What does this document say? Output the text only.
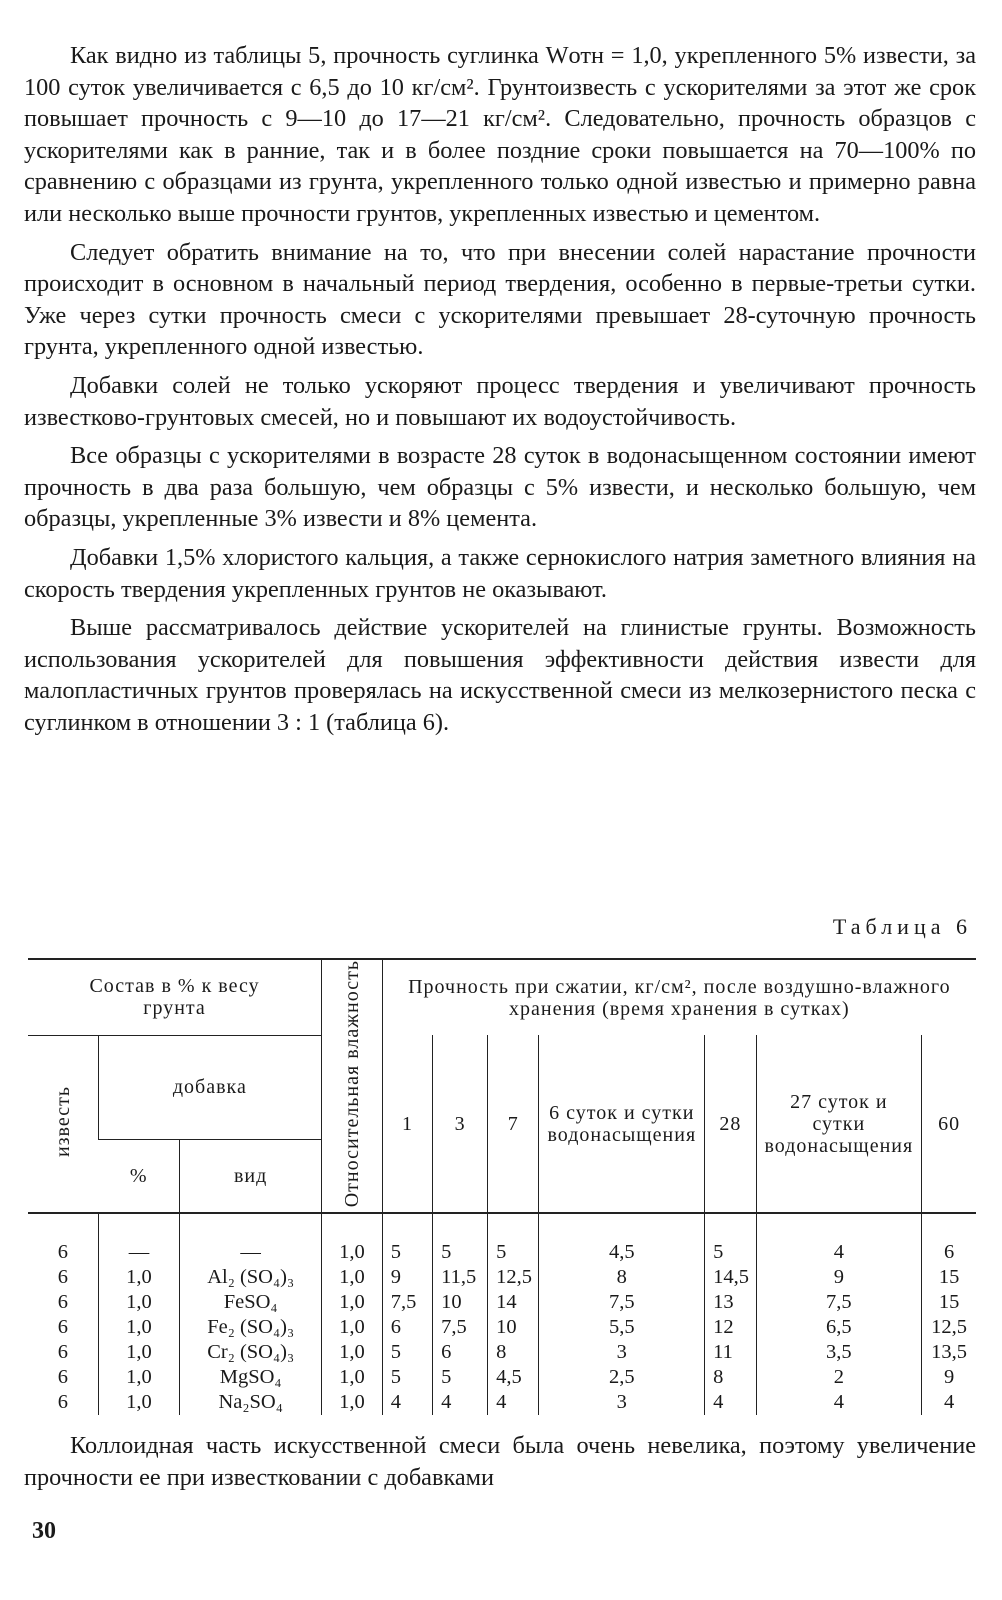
Как видно из таблицы 5, прочность суглинка Wотн = 1,0, укрепленного 5% извести, за 100 суток увеличивается с 6,5 до 10 кг/см². Грунтоизвесть с ускорителями за этот же срок повышает прочность с 9—10 до 17—21 кг/см². Следовательно, прочность образцов с ускорителями как в ранние, так и в более поздние сроки повышается на 70—100% по сравнению с образцами из грунта, укрепленного только одной известью и примерно равна или несколько выше прочности грунтов, укрепленных известью и цементом.

Следует обратить внимание на то, что при внесении солей нарастание прочности происходит в основном в начальный период твердения, особенно в первые-третьи сутки. Уже через сутки прочность смеси с ускорителями превышает 28-суточную прочность грунта, укрепленного одной известью.

Добавки солей не только ускоряют процесс твердения и увеличивают прочность известково-грунтовых смесей, но и повышают их водоустойчивость.

Все образцы с ускорителями в возрасте 28 суток в водонасыщенном состоянии имеют прочность в два раза большую, чем образцы с 5% извести, и несколько большую, чем образцы, укрепленные 3% извести и 8% цемента.

Добавки 1,5% хлористого кальция, а также сернокислого натрия заметного влияния на скорость твердения укрепленных грунтов не оказывают.

Выше рассматривалось действие ускорителей на глинистые грунты. Возможность использования ускорителей для повышения эффективности действия извести для малопластичных грунтов проверялась на искусственной смеси из мелкозернистого песка с суглинком в отношении 3 : 1 (таблица 6).

Таблица 6
Состав в % к весу грунта			Относительная влажность	Прочность при сжатии, кг/см², после воздушно-влажного хранения (время хранения в сутках)						
известь	добавка			1	3	7	6 суток и сутки водонасыщения	28	27 суток и сутки водонасыщения	60
	%	вид								
6	—	—	1,0	5	5	5	4,5	5	4	6
6	1,0	Al₂ (SO₄)₃	1,0	9	11,5	12,5	8	14,5	9	15
6	1,0	FeSO₄	1,0	7,5	10	14	7,5	13	7,5	15
6	1,0	Fe₂ (SO₄)₃	1,0	6	7,5	10	5,5	12	6,5	12,5
6	1,0	Cr₂ (SO₄)₃	1,0	5	6	8	3	11	3,5	13,5
6	1,0	MgSO₄	1,0	5	5	4,5	2,5	8	2	9
6	1,0	Na₂SO₄	1,0	4	4	4	3	4	4	4

Коллоидная часть искусственной смеси была очень невелика, поэтому увеличение прочности ее при известковании с добавками

30
